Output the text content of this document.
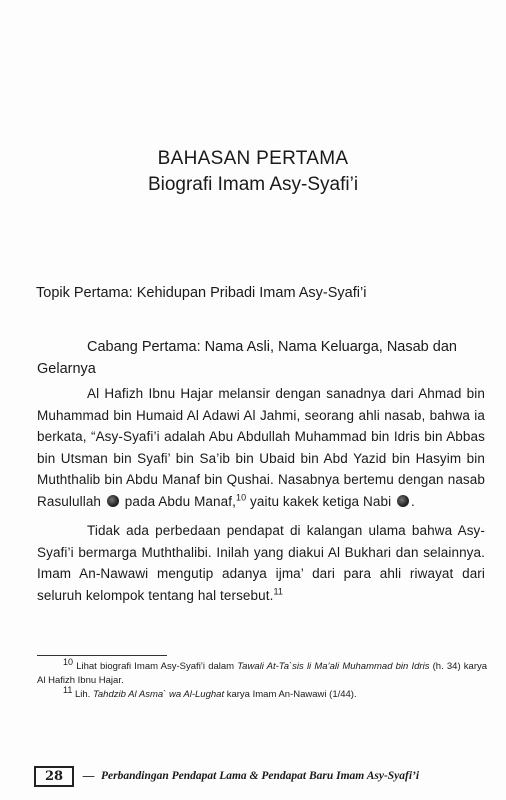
BAHASAN PERTAMA
Biografi Imam Asy-Syafi’i
Topik Pertama: Kehidupan Pribadi Imam Asy-Syafi’i

Cabang Pertama: Nama Asli, Nama Keluarga, Nasab dan Gelarnya

Al Hafizh Ibnu Hajar melansir dengan sanadnya dari Ahmad bin Muhammad bin Humaid Al Adawi Al Jahmi, seorang ahli nasab, bahwa ia berkata, “Asy-Syafi’i adalah Abu Abdullah Muhammad bin Idris bin Abbas bin Utsman bin Syafi’ bin Sa’ib bin Ubaid bin Abd Yazid bin Hasyim bin Muththalib bin Abdu Manaf bin Qushai. Nasabnya bertemu dengan nasab Rasulullah pada Abdu Manaf,$^{10}$ yaitu kakek ketiga Nabi .

Tidak ada perbedaan pendapat di kalangan ulama bahwa Asy-Syafi’i bermarga Muththalibi. Inilah yang diakui Al Bukhari dan selainnya. Imam An-Nawawi mengutip adanya ijma’ dari para ahli riwayat dari seluruh kelompok tentang hal tersebut.$^{11}$

10 Lihat biografi Imam Asy-Syafi’i dalam Tawali At-Ta`sis li Ma’ali Muhammad bin Idris (h. 34) karya Al Hafizh Ibnu Hajar.

11 Lih. Tahdzib Al Asma` wa Al-Lughat karya Imam An-Nawawi (1/44).

28	— Perbandingan Pendapat Lama & Pendapat Baru Imam Asy-Syafi’i
